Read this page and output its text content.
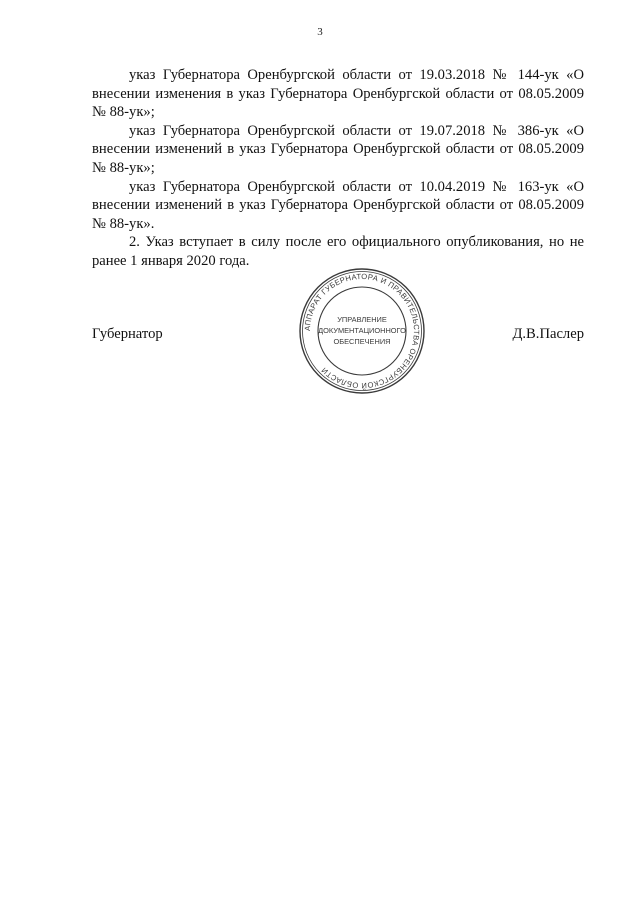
3

указ Губернатора Оренбургской области от 19.03.2018 № 144-ук «О внесении изменения в указ Губернатора Оренбургской области от 08.05.2009 № 88-ук»;

указ Губернатора Оренбургской области от 19.07.2018 № 386-ук «О внесении изменений в указ Губернатора Оренбургской области от 08.05.2009 № 88-ук»;

указ Губернатора Оренбургской области от 10.04.2019 № 163-ук «О внесении изменений в указ Губернатора Оренбургской области от 08.05.2009 № 88-ук».

2. Указ вступает в силу после его официального опубликования, но не ранее 1 января 2020 года.

Губернатор	Д.В.Паслер
АППАРАТ ГУБЕРНАТОРА И ПРАВИТЕЛЬСТВА ОРЕНБУРГСКОЙ ОБЛАСТИ
УПРАВЛЕНИЕ
ДОКУМЕНТАЦИОННОГО
ОБЕСПЕЧЕНИЯ
